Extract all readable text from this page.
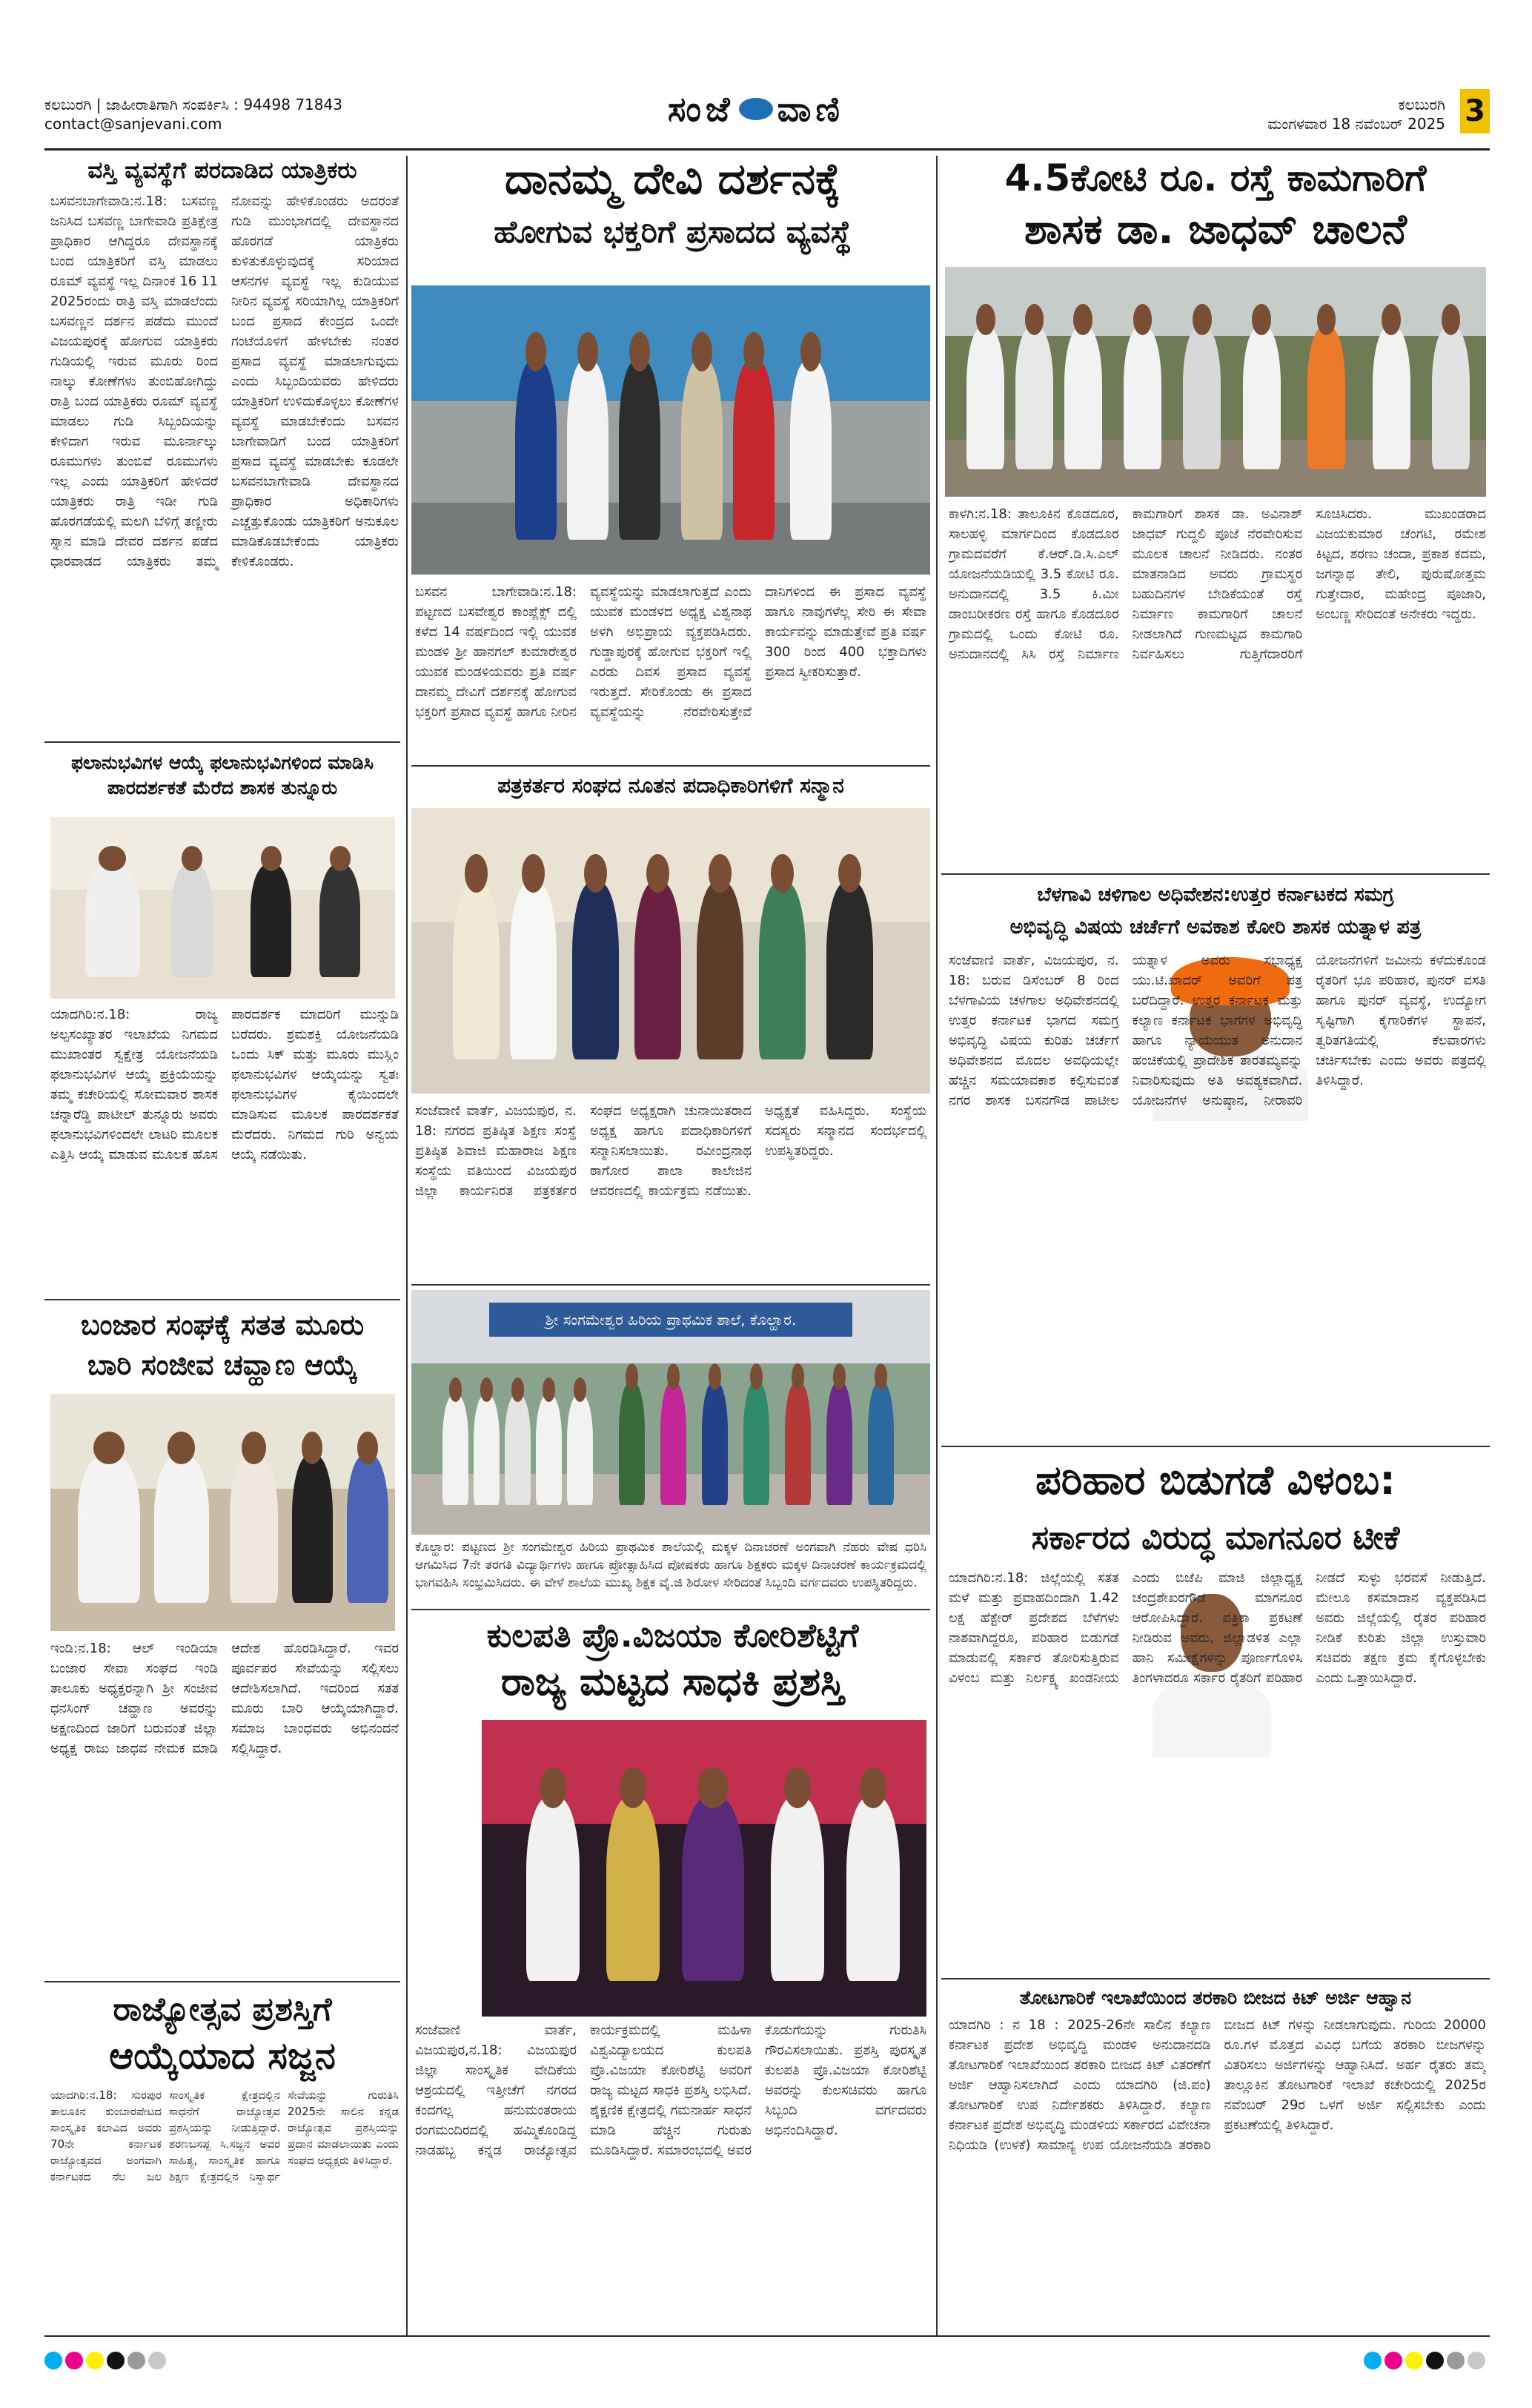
ಕಲಬುರಗಿ | ಜಾಹೀರಾತಿಗಾಗಿ ಸಂಪರ್ಕಿಸಿ : 94498 71843
contact@sanjevani.com	ಸಂಜೆ ವಾಣಿ	ಕಲಬುರಗಿ
ಮಂಗಳವಾರ 18 ನವೆಂಬರ್ 2025 3
ವಸ್ತಿ ವ್ಯವಸ್ಥೆಗೆ ಪರದಾಡಿದ ಯಾತ್ರಿಕರು
ಬಸವನಬಾಗೇವಾಡಿ:ನ.18: ಬಸವಣ್ಣ ಜನಿಸಿದ ಬಸವಣ್ಣ ಬಾಗೇವಾಡಿ ಪ್ರತಿಕ್ಷೇತ್ರ ಪ್ರಾಧಿಕಾರ ಆಗಿದ್ದರೂ ದೇವಸ್ಥಾನಕ್ಕೆ ಬಂದ ಯಾತ್ರಿಕರಿಗೆ ವಸ್ತಿ ಮಾಡಲು ರೂಮ್ ವ್ಯವಸ್ಥೆ ಇಲ್ಲ ದಿನಾಂಕ 16 11 2025ರಂದು ರಾತ್ರಿ ವಸ್ತಿ ಮಾಡಲೆಂದು ಬಸವಣ್ಣನ ದರ್ಶನ ಪಡೆದು ಮುಂದೆ ವಿಜಯಪುರಕ್ಕೆ ಹೋಗುವ ಯಾತ್ರಿಕರು ಗುಡಿಯಲ್ಲಿ ಇರುವ ಮೂರು ರಿಂದ ನಾಲ್ಕು ಕೋಣೆಗಳು ತುಂಬಿಹೋಗಿದ್ದು ರಾತ್ರಿ ಬಂದ ಯಾತ್ರಿಕರು ರೂಮ್ ವ್ಯವಸ್ಥೆ ಮಾಡಲು ಗುಡಿ ಸಿಬ್ಬಂದಿಯನ್ನು ಕೇಳಿದಾಗ ಇರುವ ಮೂರ್ನಾಲ್ಕು ರೂಮುಗಳು ತುಂಬಿವೆ ರೂಮುಗಳು ಇಲ್ಲ ಎಂದು ಯಾತ್ರಿಕರಿಗೆ ಹೇಳಿದರೆ ಯಾತ್ರಿಕರು ರಾತ್ರಿ ಇಡೀ ಗುಡಿ ಹೊರಗಡೆಯಲ್ಲಿ ಮಲಗಿ ಬೆಳಿಗ್ಗೆ ತಣ್ಣೀರು ಸ್ನಾನ ಮಾಡಿ ದೇವರ ದರ್ಶನ ಪಡೆದ ಧಾರವಾಡದ ಯಾತ್ರಿಕರು ತಮ್ಮ ನೋವನ್ನು ಹೇಳಿಕೊಂಡರು ಅದರಂತೆ ಗುಡಿ ಮುಂಭಾಗದಲ್ಲಿ ದೇವಸ್ಥಾನದ ಹೊರಗಡೆ ಯಾತ್ರಿಕರು ಕುಳಿತುಕೊಳ್ಳುವುದಕ್ಕೆ ಸರಿಯಾದ ಆಸನಗಳ ವ್ಯವಸ್ಥೆ ಇಲ್ಲ ಕುಡಿಯುವ ನೀರಿನ ವ್ಯವಸ್ಥೆ ಸರಿಯಾಗಿಲ್ಲ ಯಾತ್ರಿಕರಿಗೆ ಬಂದ ಪ್ರಸಾದ ಕೇಂದ್ರದ ಒಂದೇ ಗಂಟೆಯೊಳಗೆ ಹೇಳಬೇಕು ನಂತರ ಪ್ರಸಾದ ವ್ಯವಸ್ಥೆ ಮಾಡಲಾಗುವುದು ಎಂದು ಸಿಬ್ಬಂದಿಯವರು ಹೇಳಿದರು ಯಾತ್ರಿಕರಿಗೆ ಉಳಿದುಕೊಳ್ಳಲು ಕೋಣೆಗಳ ವ್ಯವಸ್ಥೆ ಮಾಡಬೇಕೆಂದು ಬಸವನ ಬಾಗೇವಾಡಿಗೆ ಬಂದ ಯಾತ್ರಿಕರಿಗೆ ಪ್ರಸಾದ ವ್ಯವಸ್ಥೆ ಮಾಡಬೇಕು ಕೂಡಲೇ ಬಸವನಬಾಗೇವಾಡಿ ದೇವಸ್ಥಾನದ ಪ್ರಾಧಿಕಾರ ಅಧಿಕಾರಿಗಳು ಎಚ್ಚೆತ್ತುಕೊಂಡು ಯಾತ್ರಿಕರಿಗೆ ಅನುಕೂಲ ಮಾಡಿಕೊಡಬೇಕೆಂದು ಯಾತ್ರಿಕರು ಕೇಳಿಕೊಂಡರು.
ಫಲಾನುಭವಿಗಳ ಆಯ್ಕೆ ಫಲಾನುಭವಿಗಳಿಂದ ಮಾಡಿಸಿ ಪಾರದರ್ಶಕತೆ ಮೆರೆದ ಶಾಸಕ ತುನ್ನೂರು
ಯಾದಗಿರಿ:ನ.18: ರಾಜ್ಯ ಅಲ್ಪಸಂಖ್ಯಾತರ ಇಲಾಖೆಯ ನಿಗಮದ ಮುಖಾಂತರ ಸ್ವಕ್ಷೇತ್ರ ಯೋಜನೆಯಡಿ ಫಲಾನುಭವಿಗಳ ಆಯ್ಕೆ ಪ್ರಕ್ರಿಯೆಯನ್ನು ತಮ್ಮ ಕಚೇರಿಯಲ್ಲಿ ಸೋಮವಾರ ಶಾಸಕ ಚನ್ನಾರೆಡ್ಡಿ ಪಾಟೀಲ್ ತುನ್ನೂರು ಅವರು ಫಲಾನುಭವಿಗಳಿಂದಲೇ ಲಾಟರಿ ಮೂಲಕ ಎತ್ತಿಸಿ ಆಯ್ಕೆ ಮಾಡುವ ಮೂಲಕ ಹೊಸ ಪಾರದರ್ಶಕ ಮಾದರಿಗೆ ಮುನ್ನುಡಿ ಬರೆದರು. ಶ್ರಮಶಕ್ತಿ ಯೋಜನೆಯಡಿ ಒಂದು ಸಿಕ್ ಮತ್ತು ಮೂರು ಮುಸ್ಲಿಂ ಫಲಾನುಭವಿಗಳ ಆಯ್ಕೆಯನ್ನು ಸ್ವತಃ ಫಲಾನುಭವಿಗಳ ಕೈಯಿಂದಲೇ ಮಾಡಿಸುವ ಮೂಲಕ ಪಾರದರ್ಶಕತೆ ಮೆರೆದರು. ನಿಗಮದ ಗುರಿ ಅನ್ವಯ ಆಯ್ಕೆ ನಡೆಯಿತು.
ಬಂಜಾರ ಸಂಘಕ್ಕೆ ಸತತ ಮೂರು
ಬಾರಿ ಸಂಜೀವ ಚವ್ಹಾಣ ಆಯ್ಕೆ
ಇಂಡಿ:ನ.18: ಆಲ್ ಇಂಡಿಯಾ ಬಂಜಾರ ಸೇವಾ ಸಂಘದ ಇಂಡಿ ತಾಲೂಕು ಅಧ್ಯಕ್ಷರನ್ನಾಗಿ ಶ್ರೀ ಸಂಜೀವ ಧನಸಿಂಗ್ ಚವ್ಹಾಣ ಅವರನ್ನು ಅಕ್ಷಣದಿಂದ ಜಾರಿಗೆ ಬರುವಂತೆ ಜಿಲ್ಲಾ ಅಧ್ಯಕ್ಷ ರಾಜು ಜಾಧವ ನೇಮಕ ಮಾಡಿ ಆದೇಶ ಹೊರಡಿಸಿದ್ದಾರೆ. ಇವರ ಪೂರ್ವಪರ ಸೇವೆಯನ್ನು ಸಲ್ಲಿಸಲು ಆದೇಶಿಸಲಾಗಿದೆ. ಇದರಿಂದ ಸತತ ಮೂರು ಬಾರಿ ಆಯ್ಕೆಯಾಗಿದ್ದಾರೆ. ಸಮಾಜ ಬಾಂಧವರು ಅಭಿನಂದನೆ ಸಲ್ಲಿಸಿದ್ದಾರೆ.
ರಾಜ್ಯೋತ್ಸವ ಪ್ರಶಸ್ತಿಗೆ
ಆಯ್ಕೆಯಾದ ಸಜ್ಜನ
ಯಾದಗಿರಿ:ನ.18: ಸುರಪುರ ತಾಲೂಕಿನ ಕುಂಬಾರಪೇಟದ ಸಾಂಸ್ಕೃತಿಕ ಕಲಾವಿದ ಅವರು 70ನೇ ಕರ್ನಾಟಕ ರಾಜ್ಯೋತ್ಸವದ ಅಂಗವಾಗಿ ಕರ್ನಾಟಕದ ನೆಲ ಜಲ ಸಾಂಸ್ಕೃತಿಕ ಕ್ಷೇತ್ರದಲ್ಲಿನ ಸಾಧನೆಗೆ ರಾಜ್ಯೋತ್ಸವ ಪ್ರಶಸ್ತಿಯನ್ನು ನೀಡುತ್ತಿದ್ದಾರೆ. ಶರಣಬಸಪ್ಪ ಸಿ.ಸಜ್ಜನ ಅವರ ಸಾಹಿತ್ಯ, ಸಾಂಸ್ಕೃತಿಕ ಹಾಗೂ ಶಿಕ್ಷಣ ಕ್ಷೇತ್ರದಲ್ಲಿನ ನಿಸ್ವಾರ್ಥ ಸೇವೆಯನ್ನು ಗುರುತಿಸಿ 2025ನೇ ಸಾಲಿನ ಕನ್ನಡ ರಾಜ್ಯೋತ್ಸವ ಪ್ರಶಸ್ತಿಯನ್ನು ಪ್ರದಾನ ಮಾಡಲಾಯಿತು ಎಂದು ಸಂಘದ ಅಧ್ಯಕ್ಷರು ತಿಳಿಸಿದ್ದಾರೆ.
ದಾನಮ್ಮ ದೇವಿ ದರ್ಶನಕ್ಕೆ
ಹೋಗುವ ಭಕ್ತರಿಗೆ ಪ್ರಸಾದದ ವ್ಯವಸ್ಥೆ
ಬಸವನ ಬಾಗೇವಾಡಿ:ನ.18: ಪಟ್ಟಣದ ಬಸವೇಶ್ವರ ಕಾಂಪ್ಲೆಕ್ಸ್ ದಲ್ಲಿ ಕಳೆದ 14 ವರ್ಷದಿಂದ ಇಲ್ಲಿ ಯುವಕ ಮಂಡಳಿ ಶ್ರೀ ಹಾನಗಲ್ ಕುಮಾರೇಶ್ವರ ಯುವಕ ಮಂಡಳಿಯವರು ಪ್ರತಿ ವರ್ಷ ದಾನಮ್ಮ ದೇವಿಗೆ ದರ್ಶನಕ್ಕೆ ಹೋಗುವ ಭಕ್ತರಿಗೆ ಪ್ರಸಾದ ವ್ಯವಸ್ಥೆ ಹಾಗೂ ನೀರಿನ ವ್ಯವಸ್ಥೆಯನ್ನು ಮಾಡಲಾಗುತ್ತದೆ ಎಂದು ಯುವಕ ಮಂಡಳದ ಅಧ್ಯಕ್ಷ ವಿಶ್ವನಾಥ ಅಳಗಿ ಅಭಿಪ್ರಾಯ ವ್ಯಕ್ತಪಡಿಸಿದರು. ಗುಡ್ಡಾಪುರಕ್ಕೆ ಹೋಗುವ ಭಕ್ತರಿಗೆ ಇಲ್ಲಿ ಎರಡು ದಿವಸ ಪ್ರಸಾದ ವ್ಯವಸ್ಥೆ ಇರುತ್ತದೆ. ಸೇರಿಕೊಂಡು ಈ ಪ್ರಸಾದ ವ್ಯವಸ್ಥೆಯನ್ನು ನೆರವೇರಿಸುತ್ತೇವೆ ದಾನಿಗಳಿಂದ ಈ ಪ್ರಸಾದ ವ್ಯವಸ್ಥೆ ಹಾಗೂ ನಾವುಗಳೆಲ್ಲ ಸೇರಿ ಈ ಸೇವಾ ಕಾರ್ಯವನ್ನು ಮಾಡುತ್ತೇವೆ ಪ್ರತಿ ವರ್ಷ 300 ರಿಂದ 400 ಭಕ್ತಾದಿಗಳು ಪ್ರಸಾದ ಸ್ವೀಕರಿಸುತ್ತಾರೆ.
ಪತ್ರಕರ್ತರ ಸಂಘದ ನೂತನ ಪದಾಧಿಕಾರಿಗಳಿಗೆ ಸನ್ಮಾನ
ಸಂಜೆವಾಣಿ ವಾರ್ತೆ, ವಿಜಯಪುರ, ನ. 18: ನಗರದ ಪ್ರತಿಷ್ಠಿತ ಶಿಕ್ಷಣ ಸಂಸ್ಥೆ ಪ್ರತಿಷ್ಠಿತ ಶಿವಾಜಿ ಮಹಾರಾಜ ಶಿಕ್ಷಣ ಸಂಸ್ಥೆಯ ವತಿಯಿಂದ ವಿಜಯಪುರ ಜಿಲ್ಲಾ ಕಾರ್ಯನಿರತ ಪತ್ರಕರ್ತರ ಸಂಘದ ಅಧ್ಯಕ್ಷರಾಗಿ ಚುನಾಯಿತರಾದ ಅಧ್ಯಕ್ಷ ಹಾಗೂ ಪದಾಧಿಕಾರಿಗಳಿಗೆ ಸನ್ಮಾನಿಸಲಾಯಿತು. ರವೀಂದ್ರನಾಥ ಠಾಗೋರ ಶಾಲಾ ಕಾಲೇಜಿನ ಆವರಣದಲ್ಲಿ ಕಾರ್ಯಕ್ರಮ ನಡೆಯಿತು. ಅಧ್ಯಕ್ಷತೆ ವಹಿಸಿದ್ದರು. ಸಂಸ್ಥೆಯ ಸದಸ್ಯರು ಸನ್ಮಾನದ ಸಂದರ್ಭದಲ್ಲಿ ಉಪಸ್ಥಿತರಿದ್ದರು.
ಶ್ರೀ ಸಂಗಮೇಶ್ವರ ಹಿರಿಯ ಪ್ರಾಥಮಿಕ ಶಾಲೆ, ಕೊಲ್ಹಾರ.
ಕೊಲ್ಹಾರ: ಪಟ್ಟಣದ ಶ್ರೀ ಸಂಗಮೇಶ್ವರ ಹಿರಿಯ ಪ್ರಾಥಮಿಕ ಶಾಲೆಯಲ್ಲಿ ಮಕ್ಕಳ ದಿನಾಚರಣೆ ಅಂಗವಾಗಿ ನೆಹರು ವೇಷ ಧರಿಸಿ ಆಗಮಿಸಿದ 7ನೇ ತರಗತಿ ವಿದ್ಯಾರ್ಥಿಗಳು ಹಾಗೂ ಪ್ರೋತ್ಸಾಹಿಸಿದ ಪೋಷಕರು ಹಾಗೂ ಶಿಕ್ಷಕರು ಮಕ್ಕಳ ದಿನಾಚರಣೆ ಕಾರ್ಯಕ್ರಮದಲ್ಲಿ ಭಾಗವಹಿಸಿ ಸಂಭ್ರಮಿಸಿದರು. ಈ ವೇಳೆ ಶಾಲೆಯ ಮುಖ್ಯ ಶಿಕ್ಷಕ ವೈ.ಜಿ ಶಿರೋಳ ಸೇರಿದಂತೆ ಸಿಬ್ಬಂದಿ ವರ್ಗದವರು ಉಪಸ್ಥಿತರಿದ್ದರು.
ಕುಲಪತಿ ಪ್ರೊ.ವಿಜಯಾ ಕೋರಿಶೆಟ್ಟಿಗೆ
ರಾಜ್ಯ ಮಟ್ಟದ ಸಾಧಕಿ ಪ್ರಶಸ್ತಿ
ಸಂಜೆವಾಣಿ ವಾರ್ತೆ, ವಿಜಯಪುರ,ನ.18: ವಿಜಯಪುರ ಜಿಲ್ಲಾ ಸಾಂಸ್ಕೃತಿಕ ವೇದಿಕೆಯ ಆಶ್ರಯದಲ್ಲಿ ಇತ್ತೀಚೆಗೆ ನಗರದ ಕಂದಗಲ್ಲ ಹನುಮಂತರಾಯ ರಂಗಮಂದಿರದಲ್ಲಿ ಹಮ್ಮಿಕೊಂಡಿದ್ದ ನಾಡಹಬ್ಬ ಕನ್ನಡ ರಾಜ್ಯೋತ್ಸವ ಕಾರ್ಯಕ್ರಮದಲ್ಲಿ ಮಹಿಳಾ ವಿಶ್ವವಿದ್ಯಾಲಯದ ಕುಲಪತಿ ಪ್ರೊ.ವಿಜಯಾ ಕೋರಿಶೆಟ್ಟಿ ಅವರಿಗೆ ರಾಜ್ಯ ಮಟ್ಟದ ಸಾಧಕಿ ಪ್ರಶಸ್ತಿ ಲಭಿಸಿದೆ. ಶೈಕ್ಷಣಿಕ ಕ್ಷೇತ್ರದಲ್ಲಿ ಗಮನಾರ್ಹ ಸಾಧನೆ ಮಾಡಿ ಹೆಚ್ಚಿನ ಗುರುತು ಮೂಡಿಸಿದ್ದಾರೆ. ಸಮಾರಂಭದಲ್ಲಿ ಅವರ ಕೊಡುಗೆಯನ್ನು ಗುರುತಿಸಿ ಗೌರವಿಸಲಾಯಿತು. ಪ್ರಶಸ್ತಿ ಪುರಸ್ಕೃತ ಕುಲಪತಿ ಪ್ರೊ.ವಿಜಯಾ ಕೋರಿಶೆಟ್ಟಿ ಅವರನ್ನು ಕುಲಸಚಿವರು ಹಾಗೂ ಸಿಬ್ಬಂದಿ ವರ್ಗದವರು ಅಭಿನಂದಿಸಿದ್ದಾರೆ.
4.5ಕೋಟಿ ರೂ. ರಸ್ತೆ ಕಾಮಗಾರಿಗೆ
ಶಾಸಕ ಡಾ. ಜಾಧವ್ ಚಾಲನೆ
ಕಾಳಗಿ:ನ.18: ತಾಲೂಕಿನ ಕೊಡದೂರ, ಸಾಲಹಳ್ಳಿ ಮಾರ್ಗದಿಂದ ಕೊಡದೂರ ಗ್ರಾಮದವರೆಗೆ ಕೆ.ಆರ್.ಡಿ.ಸಿ.ಎಲ್ ಯೋಜನೆಯಡಿಯಲ್ಲಿ 3.5 ಕೋಟಿ ರೂ. ಅನುದಾನದಲ್ಲಿ 3.5 ಕಿ.ಮೀ ಡಾಂಬರೀಕರಣ ರಸ್ತೆ ಹಾಗೂ ಕೊಡದೂರ ಗ್ರಾಮದಲ್ಲಿ ಒಂದು ಕೋಟಿ ರೂ. ಅನುದಾನದಲ್ಲಿ ಸಿಸಿ ರಸ್ತೆ ನಿರ್ಮಾಣ ಕಾಮಗಾರಿಗೆ ಶಾಸಕ ಡಾ. ಅವಿನಾಶ್ ಜಾಧವ್ ಗುದ್ದಲಿ ಪೂಜೆ ನೆರವೇರಿಸುವ ಮೂಲಕ ಚಾಲನೆ ನೀಡಿದರು. ನಂತರ ಮಾತನಾಡಿದ ಅವರು ಗ್ರಾಮಸ್ಥರ ಬಹುದಿನಗಳ ಬೇಡಿಕೆಯಂತೆ ರಸ್ತೆ ನಿರ್ಮಾಣ ಕಾಮಗಾರಿಗೆ ಚಾಲನೆ ನೀಡಲಾಗಿದೆ ಗುಣಮಟ್ಟದ ಕಾಮಗಾರಿ ನಿರ್ವಹಿಸಲು ಗುತ್ತಿಗೆದಾರರಿಗೆ ಸೂಚಿಸಿದರು. ಮುಖಂಡರಾದ ವಿಜಯಕುಮಾರ ಚೆಂಗಟಿ, ರಮೇಶ ಕಿಟ್ಟದ, ಶರಣು ಚಂದಾ, ಪ್ರಕಾಶ ಕದಮ, ಜಗನ್ನಾಥ ತೇಲಿ, ಪುರುಷೋತ್ತಮ ಗುತ್ತೇದಾರ, ಮಹೇಂದ್ರ ಪೂಜಾರಿ, ಅಂಬಣ್ಣ ಸೇರಿದಂತೆ ಅನೇಕರು ಇದ್ದರು.
ಬೆಳಗಾವಿ ಚಳಿಗಾಲ ಅಧಿವೇಶನ:ಉತ್ತರ ಕರ್ನಾಟಕದ ಸಮಗ್ರ
ಅಭಿವೃದ್ಧಿ ವಿಷಯ ಚರ್ಚೆಗೆ ಅವಕಾಶ ಕೋರಿ ಶಾಸಕ ಯತ್ನಾಳ ಪತ್ರ
ಸಂಜೆವಾಣಿ ವಾರ್ತೆ, ವಿಜಯಪುರ, ನ. 18: ಬರುವ ಡಿಸೆಂಬರ್ 8 ರಿಂದ ಬೆಳಗಾವಿಯ ಚಳಗಾಲ ಅಧಿವೇಶನದಲ್ಲಿ ಉತ್ತರ ಕರ್ನಾಟಕ ಭಾಗದ ಸಮಗ್ರ ಅಭಿವೃದ್ಧಿ ವಿಷಯ ಕುರಿತು ಚರ್ಚೆಗೆ ಅಧಿವೇಶನದ ಮೊದಲ ಅವಧಿಯಲ್ಲೇ ಹೆಚ್ಚಿನ ಸಮಯಾವಕಾಶ ಕಲ್ಪಿಸುವಂತೆ ನಗರ ಶಾಸಕ ಬಸನಗೌಡ ಪಾಟೀಲ ಯತ್ನಾಳ ಅವರು ಸಭಾಧ್ಯಕ್ಷ ಯು.ಟಿ.ಖಾದರ್ ಅವರಿಗೆ ಪತ್ರ ಬರೆದಿದ್ದಾರೆ. ಉತ್ತರ ಕರ್ನಾಟಕ ಮತ್ತು ಕಲ್ಯಾಣ ಕರ್ನಾಟಕ ಭಾಗಗಳ ಅಭಿವೃದ್ಧಿ ಹಾಗೂ ನ್ಯಾಯಯುತ ಅನುದಾನ ಹಂಚಿಕೆಯಲ್ಲಿ ಪ್ರಾದೇಶಿಕ ತಾರತಮ್ಯವನ್ನು ನಿವಾರಿಸುವುದು ಅತಿ ಅವಶ್ಯಕವಾಗಿದೆ. ಯೋಜನೆಗಳ ಅನುಷ್ಠಾನ, ನೀರಾವರಿ ಯೋಜನೆಗಳಿಗೆ ಜಮೀನು ಕಳೆದುಕೊಂಡ ರೈತರಿಗೆ ಭೂ ಪರಿಹಾರ, ಪುನರ್ ವಸತಿ ಹಾಗೂ ಪುನರ್ ವ್ಯವಸ್ಥೆ, ಉದ್ಯೋಗ ಸೃಷ್ಟಿಗಾಗಿ ಕೈಗಾರಿಕೆಗಳ ಸ್ಥಾಪನೆ, ತ್ವರಿತಗತಿಯಲ್ಲಿ ಕೆಲವಾರಗಳು ಚರ್ಚಿಸಬೇಕು ಎಂದು ಅವರು ಪತ್ರದಲ್ಲಿ ತಿಳಿಸಿದ್ದಾರೆ.
ಪರಿಹಾರ ಬಿಡುಗಡೆ ವಿಳಂಬ:
ಸರ್ಕಾರದ ವಿರುದ್ಧ ಮಾಗನೂರ ಟೀಕೆ
ಯಾದಗಿರಿ:ನ.18: ಜಿಲ್ಲೆಯಲ್ಲಿ ಸತತ ಮಳೆ ಮತ್ತು ಪ್ರವಾಹದಿಂದಾಗಿ 1.42 ಲಕ್ಷ ಹೆಕ್ಟೇರ್ ಪ್ರದೇಶದ ಬೆಳೆಗಳು ನಾಶವಾಗಿದ್ದರೂ, ಪರಿಹಾರ ಬಿಡುಗಡೆ ಮಾಡುವಲ್ಲಿ ಸರ್ಕಾರ ತೋರಿಸುತ್ತಿರುವ ವಿಳಂಬ ಮತ್ತು ನಿರ್ಲಕ್ಷ್ಯ ಖಂಡನೀಯ ಎಂದು ಬಿಜೆಪಿ ಮಾಜಿ ಜಿಲ್ಲಾಧ್ಯಕ್ಷ ಚಂದ್ರಶೇಖರಗೌಡ ಮಾಗನೂರ ಆರೋಪಿಸಿದ್ದಾರೆ. ಪತ್ರಿಕಾ ಪ್ರಕಟಣೆ ನೀಡಿರುವ ಅವರು, ಜಿಲ್ಲಾಡಳಿತ ಎಲ್ಲಾ ಹಾನಿ ಸಮೀಕ್ಷೆಗಳನ್ನು ಪೂರ್ಣಗೊಳಿಸಿ ತಿಂಗಳಾದರೂ ಸರ್ಕಾರ ರೈತರಿಗೆ ಪರಿಹಾರ ನೀಡದೆ ಸುಳ್ಳು ಭರವಸೆ ನೀಡುತ್ತಿದೆ. ಮೇಲೂ ಕಸಮಾದಾನ ವ್ಯಕ್ತಪಡಿಸಿದ ಅವರು ಜಿಲ್ಲೆಯಲ್ಲಿ ರೈತರ ಪರಿಹಾರ ನೀಡಿಕೆ ಕುರಿತು ಜಿಲ್ಲಾ ಉಸ್ತುವಾರಿ ಸಚಿವರು ತಕ್ಷಣ ಕ್ರಮ ಕೈಗೊಳ್ಳಬೇಕು ಎಂದು ಒತ್ತಾಯಿಸಿದ್ದಾರೆ.
ತೋಟಗಾರಿಕೆ ಇಲಾಖೆಯಿಂದ ತರಕಾರಿ ಬೀಜದ ಕಿಟ್ ಅರ್ಜಿ ಆಹ್ವಾನ
ಯಾದಗಿರಿ : ನ 18 : 2025-26ನೇ ಸಾಲಿನ ಕಲ್ಯಾಣ ಕರ್ನಾಟಕ ಪ್ರದೇಶ ಅಭಿವೃದ್ಧಿ ಮಂಡಳಿ ಅನುದಾನದಡಿ ತೋಟಗಾರಿಕೆ ಇಲಾಖೆಯಿಂದ ತರಕಾರಿ ಬೀಜದ ಕಿಟ್ ವಿತರಣೆಗೆ ಅರ್ಜಿ ಆಹ್ವಾನಿಸಲಾಗಿದೆ ಎಂದು ಯಾದಗಿರಿ (ಜಿ.ಪಂ) ತೋಟಗಾರಿಕೆ ಉಪ ನಿರ್ದೇಶಕರು ತಿಳಿಸಿದ್ದಾರೆ. ಕಲ್ಯಾಣ ಕರ್ನಾಟಕ ಪ್ರದೇಶ ಅಭಿವೃದ್ಧಿ ಮಂಡಳಿಯ ಸರ್ಕಾರದ ವಿವೇಚನಾ ನಿಧಿಯಡಿ (ಉಳಕೆ) ಸಾಮಾನ್ಯ ಉಪ ಯೋಜನೆಯಡಿ ತರಕಾರಿ ಬೀಜದ ಕಿಟ್ ಗಳನ್ನು ನೀಡಲಾಗುವುದು. ಗುರಿಯ 20000 ರೂ.ಗಳ ಮೊತ್ತದ ವಿವಿಧ ಬಗೆಯ ತರಕಾರಿ ಬೀಜಗಳನ್ನು ವಿತರಿಸಲು ಅರ್ಜಿಗಳನ್ನು ಆಹ್ವಾನಿಸಿದೆ. ಅರ್ಹ ರೈತರು ತಮ್ಮ ತಾಲ್ಲೂಕಿನ ತೋಟಗಾರಿಕೆ ಇಲಾಖೆ ಕಚೇರಿಯಲ್ಲಿ 2025ರ ನವೆಂಬರ್ 29ರ ಒಳಗೆ ಅರ್ಜಿ ಸಲ್ಲಿಸಬೇಕು ಎಂದು ಪ್ರಕಟಣೆಯಲ್ಲಿ ತಿಳಿಸಿದ್ದಾರೆ.
